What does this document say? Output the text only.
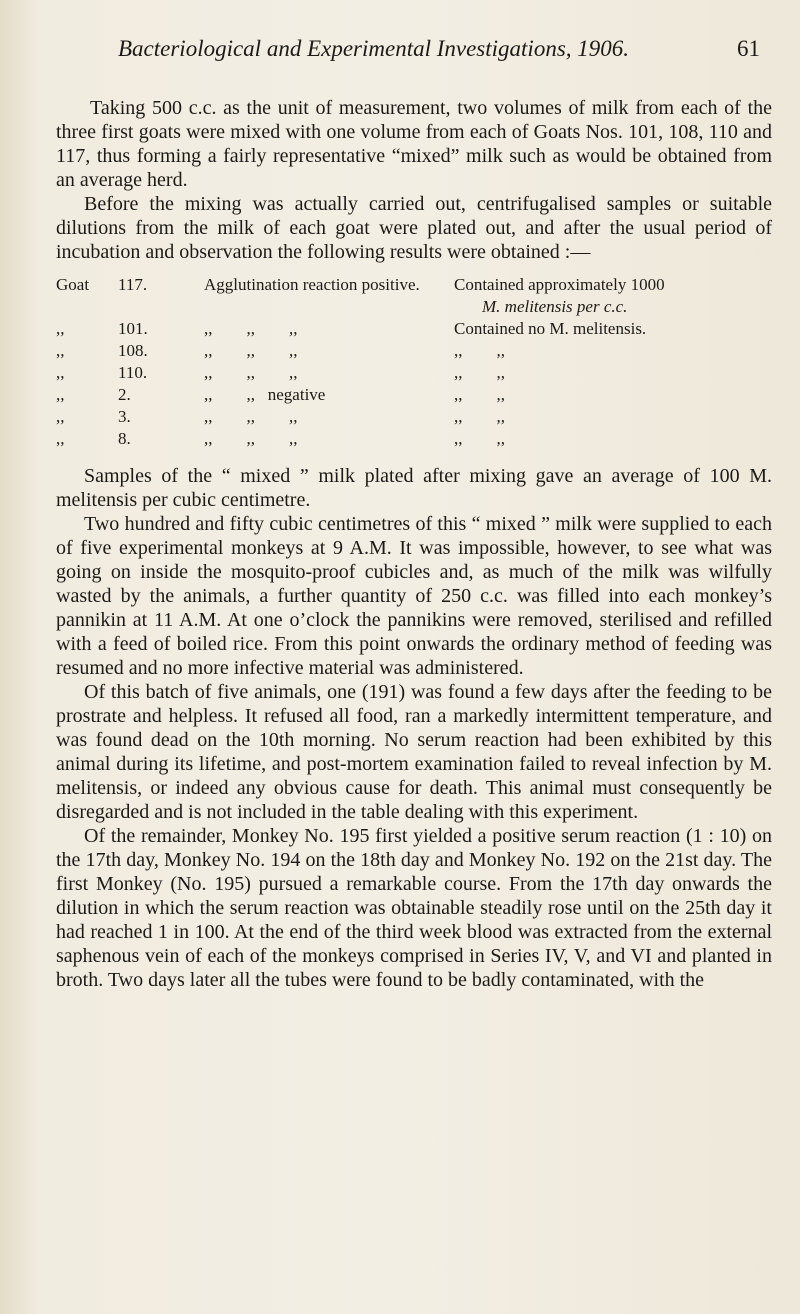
Bacteriological and Experimental Investigations, 1906.	61

Taking 500 c.c. as the unit of measurement, two volumes of milk from each of the three first goats were mixed with one volume from each of Goats Nos. 101, 108, 110 and 117, thus forming a fairly representative “mixed” milk such as would be obtained from an average herd.

Before the mixing was actually carried out, centrifugalised samples or suitable dilutions from the milk of each goat were plated out, and after the usual period of incubation and observation the following results were obtained :—

Goat	117.	Agglutination reaction positive.	Contained approximately 1000
			M. melitensis per c.c.
,,	101.	,,        ,,        ,,	Contained no M. melitensis.
,,	108.	,,        ,,        ,,	,,        ,,
,,	110.	,,        ,,        ,,	,,        ,,
,,	2.	,,        ,,   negative	,,        ,,
,,	3.	,,        ,,        ,,	,,        ,,
,,	8.	,,        ,,        ,,	,,        ,,

Samples of the “ mixed ” milk plated after mixing gave an average of 100 M. melitensis per cubic centimetre.

Two hundred and fifty cubic centimetres of this “ mixed ” milk were supplied to each of five experimental monkeys at 9 A.M. It was impossible, however, to see what was going on inside the mosquito-proof cubicles and, as much of the milk was wilfully wasted by the animals, a further quantity of 250 c.c. was filled into each monkey’s pannikin at 11 A.M. At one o’clock the pannikins were removed, sterilised and refilled with a feed of boiled rice. From this point onwards the ordinary method of feeding was resumed and no more infective material was administered.

Of this batch of five animals, one (191) was found a few days after the feeding to be prostrate and helpless. It refused all food, ran a markedly intermittent temperature, and was found dead on the 10th morning. No serum reaction had been exhibited by this animal during its lifetime, and post-mortem examination failed to reveal infection by M. melitensis, or indeed any obvious cause for death. This animal must consequently be disregarded and is not included in the table dealing with this experiment.

Of the remainder, Monkey No. 195 first yielded a positive serum reaction (1 : 10) on the 17th day, Monkey No. 194 on the 18th day and Monkey No. 192 on the 21st day. The first Monkey (No. 195) pursued a remarkable course. From the 17th day onwards the dilution in which the serum reaction was obtainable steadily rose until on the 25th day it had reached 1 in 100. At the end of the third week blood was extracted from the external saphenous vein of each of the monkeys comprised in Series IV, V, and VI and planted in broth. Two days later all the tubes were found to be badly contaminated, with the
